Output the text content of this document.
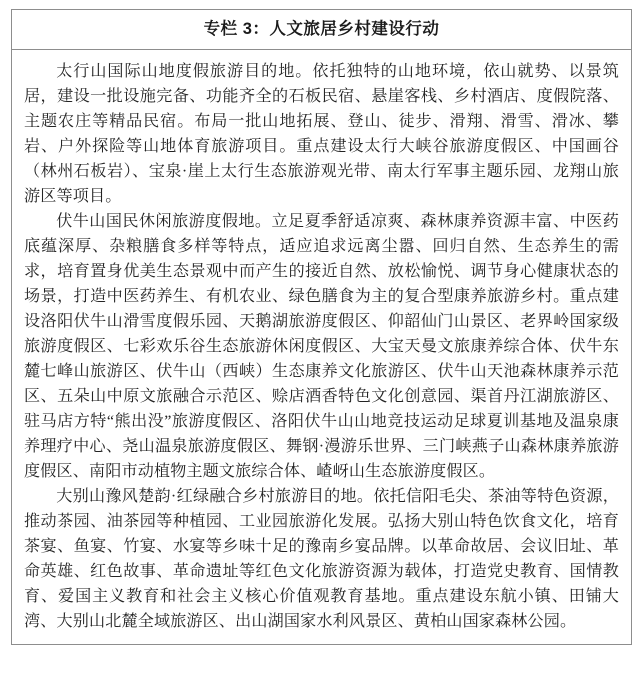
专栏 3：人文旅居乡村建设行动

太行山国际山地度假旅游目的地。依托独特的山地环境，依山就势、以景筑居，建设一批设施完备、功能齐全的石板民宿、悬崖客栈、乡村酒店、度假院落、主题农庄等精品民宿。布局一批山地拓展、登山、徒步、滑翔、滑雪、滑冰、攀岩、户外探险等山地体育旅游项目。重点建设太行大峡谷旅游度假区、中国画谷（林州石板岩）、宝泉·崖上太行生态旅游观光带、南太行军事主题乐园、龙翔山旅游区等项目。

伏牛山国民休闲旅游度假地。立足夏季舒适凉爽、森林康养资源丰富、中医药底蕴深厚、杂粮膳食多样等特点，适应追求远离尘嚣、回归自然、生态养生的需求，培育置身优美生态景观中而产生的接近自然、放松愉悦、调节身心健康状态的场景，打造中医药养生、有机农业、绿色膳食为主的复合型康养旅游乡村。重点建设洛阳伏牛山滑雪度假乐园、天鹅湖旅游度假区、仰韶仙门山景区、老界岭国家级旅游度假区、七彩欢乐谷生态旅游休闲度假区、大宝天曼文旅康养综合体、伏牛东麓七峰山旅游区、伏牛山（西峡）生态康养文化旅游区、伏牛山天池森林康养示范区、五朵山中原文旅融合示范区、赊店酒香特色文化创意园、渠首丹江湖旅游区、驻马店方特“熊出没”旅游度假区、洛阳伏牛山山地竞技运动足球夏训基地及温泉康养理疗中心、尧山温泉旅游度假区、舞钢·漫游乐世界、三门峡燕子山森林康养旅游度假区、南阳市动植物主题文旅综合体、嵖岈山生态旅游度假区。

大别山豫风楚韵·红绿融合乡村旅游目的地。依托信阳毛尖、茶油等特色资源，推动茶园、油茶园等种植园、工业园旅游化发展。弘扬大别山特色饮食文化，培育茶宴、鱼宴、竹宴、水宴等乡味十足的豫南乡宴品牌。以革命故居、会议旧址、革命英雄、红色故事、革命遗址等红色文化旅游资源为载体，打造党史教育、国情教育、爱国主义教育和社会主义核心价值观教育基地。重点建设东航小镇、田铺大湾、大别山北麓全域旅游区、出山湖国家水利风景区、黄柏山国家森林公园。
